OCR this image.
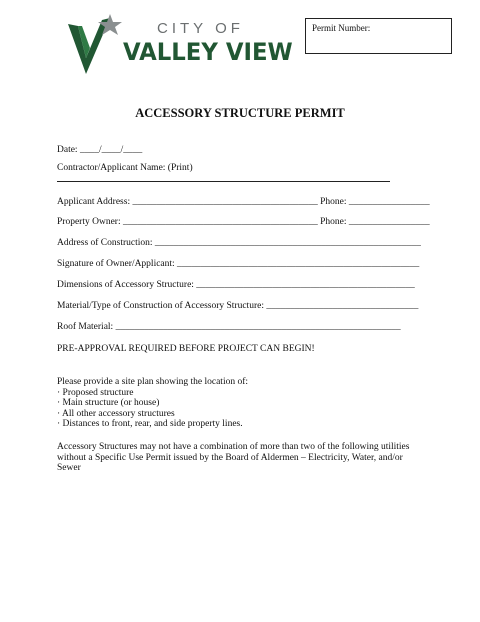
CITY OF
VALLEY VIEW
Permit Number:
ACCESSORY STRUCTURE PERMIT
Date: ____/____/____
Contractor/Applicant Name: (Print)
Applicant Address: _______________________________________ Phone: _________________
Property Owner: _________________________________________ Phone: _________________
Address of Construction: ________________________________________________________
Signature of Owner/Applicant: ___________________________________________________
Dimensions of Accessory Structure: ______________________________________________
Material/Type of Construction of Accessory Structure: ________________________________
Roof Material: ____________________________________________________________
PRE-APPROVAL REQUIRED BEFORE PROJECT CAN BEGIN!
Please provide a site plan showing the location of:
· Proposed structure
· Main structure (or house)
· All other accessory structures
· Distances to front, rear, and side property lines.
Accessory Structures may not have a combination of more than two of the following utilities without a Specific Use Permit issued by the Board of Aldermen – Electricity, Water, and/or Sewer
